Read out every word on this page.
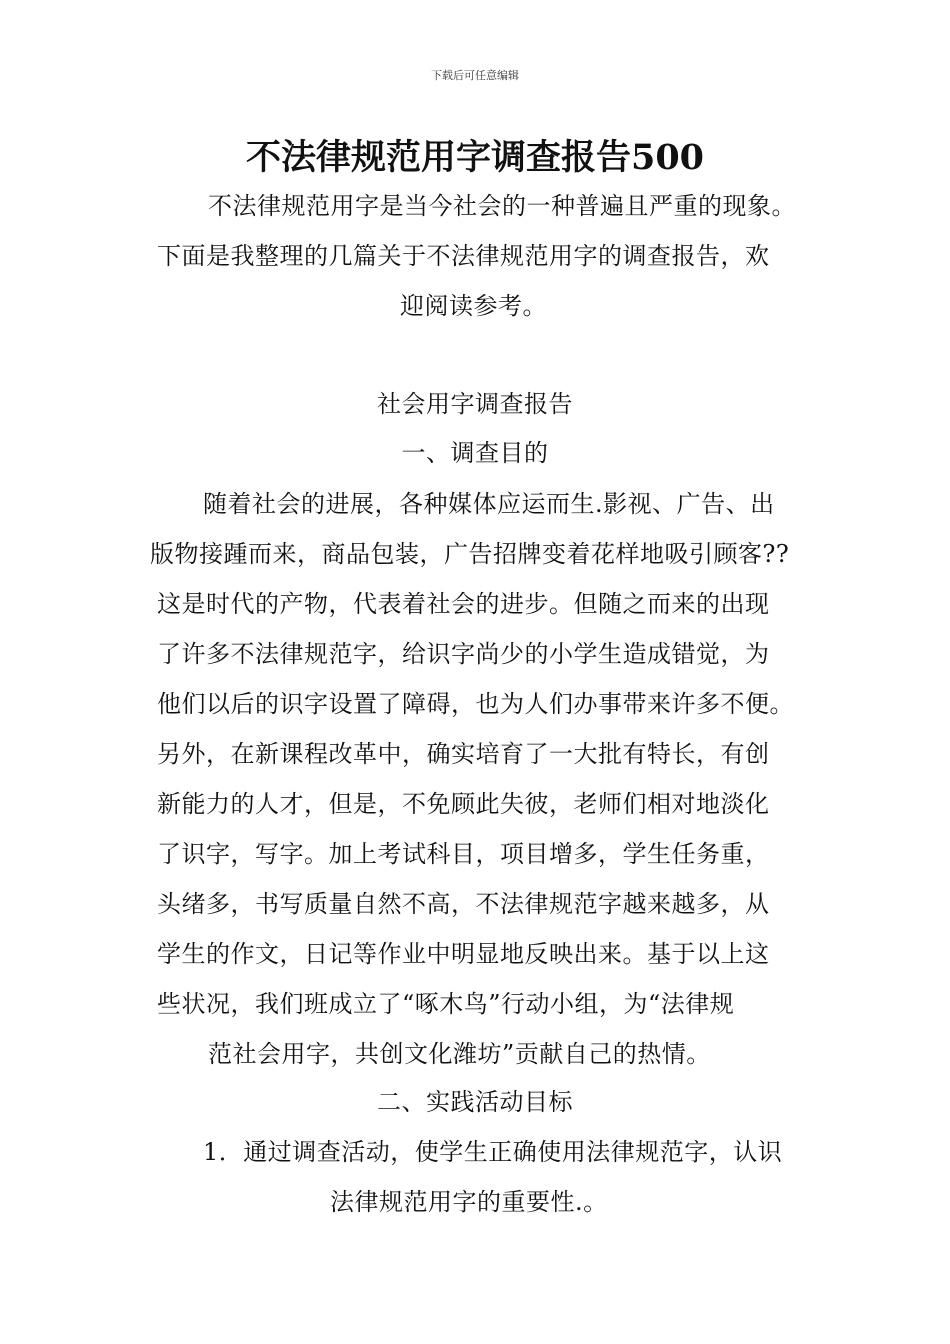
下载后可任意编辑
不法律规范用字调查报告500
不法律规范用字是当今社会的一种普遍且严重的现象。
下面是我整理的几篇关于不法律规范用字的调查报告，欢
迎阅读参考。
社会用字调查报告
一、调查目的
随着社会的进展，各种媒体应运而生.影视、广告、出
版物接踵而来，商品包装，广告招牌变着花样地吸引顾客??
这是时代的产物，代表着社会的进步。但随之而来的出现
了许多不法律规范字，给识字尚少的小学生造成错觉，为
他们以后的识字设置了障碍，也为人们办事带来许多不便。
另外，在新课程改革中，确实培育了一大批有特长，有创
新能力的人才，但是，不免顾此失彼，老师们相对地淡化
了识字，写字。加上考试科目，项目增多，学生任务重，
头绪多，书写质量自然不高，不法律规范字越来越多，从
学生的作文，日记等作业中明显地反映出来。基于以上这
些状况，我们班成立了“啄木鸟”行动小组，为“法律规
范社会用字，共创文化潍坊”贡献自己的热情。
二、实践活动目标
1．通过调查活动，使学生正确使用法律规范字，认识
法律规范用字的重要性.。
